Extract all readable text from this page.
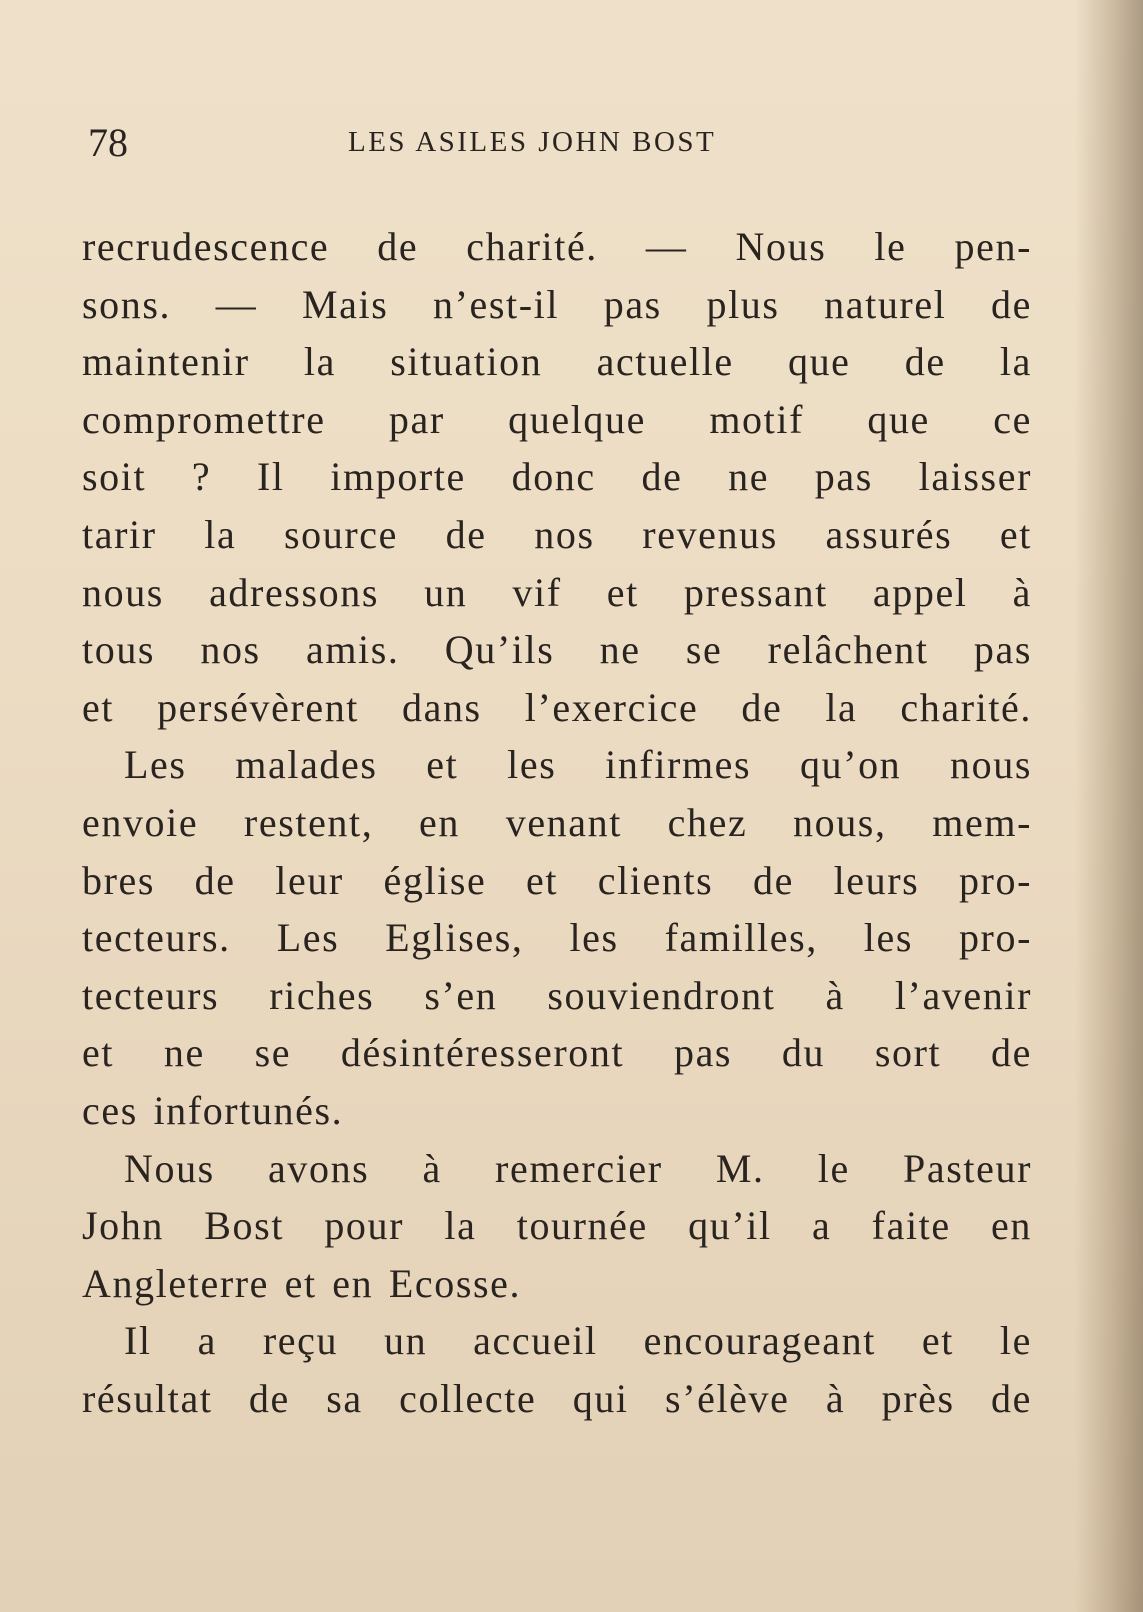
78	LES ASILES JOHN BOST
recrudescence de charité. — Nous le pen-
sons. — Mais n’est-il pas plus naturel de
maintenir la situation actuelle que de la
compromettre par quelque motif que ce
soit ? Il importe donc de ne pas laisser
tarir la source de nos revenus assurés et
nous adressons un vif et pressant appel à
tous nos amis. Qu’ils ne se relâchent pas
et persévèrent dans l’exercice de la charité.
Les malades et les infirmes qu’on nous
envoie restent, en venant chez nous, mem-
bres de leur église et clients de leurs pro-
tecteurs. Les Eglises, les familles, les pro-
tecteurs riches s’en souviendront à l’avenir
et ne se désintéresseront pas du sort de
ces infortunés.
Nous avons à remercier M. le Pasteur
John Bost pour la tournée qu’il a faite en
Angleterre et en Ecosse.
Il a reçu un accueil encourageant et le
résultat de sa collecte qui s’élève à près de
